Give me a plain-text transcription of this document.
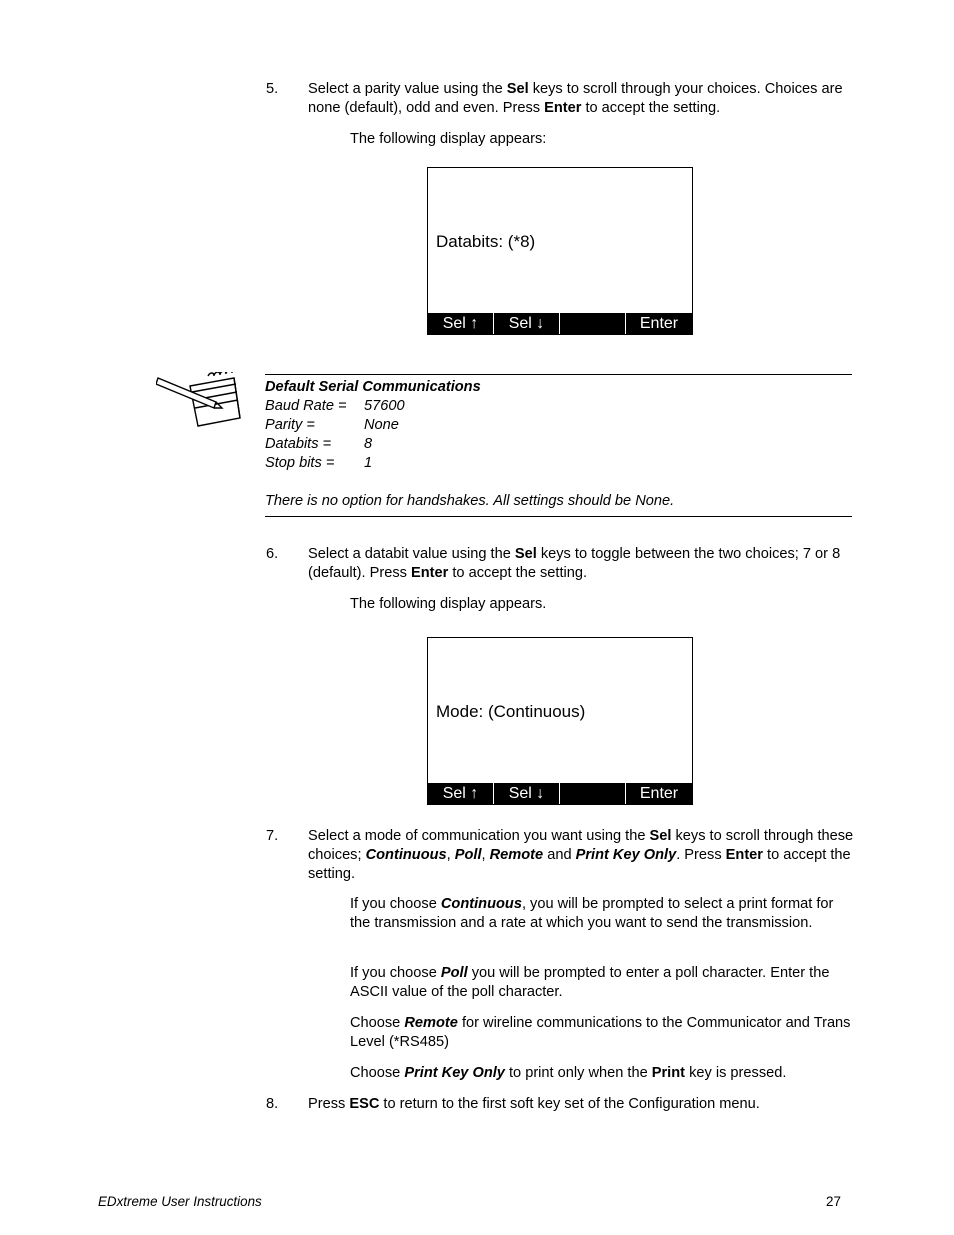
5. Select a parity value using the Sel keys to scroll through your choices. Choices are none (default), odd and even. Press Enter to accept the setting.

The following display appears:

Databits: (*8)
Sel ↑	Sel ↓	Enter
Default Serial Communications
Baud Rate =	57600
Parity =	None
Databits =	8
Stop bits =	1
There is no option for handshakes. All settings should be None.
6. Select a databit value using the Sel keys to toggle between the two choices; 7 or 8 (default). Press Enter to accept the setting.

The following display appears.

Mode: (Continuous)
Sel ↑	Sel ↓	Enter
7. Select a mode of communication you want using the Sel keys to scroll through these choices; Continuous, Poll, Remote and Print Key Only. Press Enter to accept the setting.

If you choose Continuous, you will be prompted to select a print format for the transmission and a rate at which you want to send the transmission.

If you choose Poll you will be prompted to enter a poll character. Enter the ASCII value of the poll character.

Choose Remote for wireline communications to the Communicator and Trans Level (*RS485)

Choose Print Key Only to print only when the Print key is pressed.

8. Press ESC to return to the first soft key set of the Configuration menu.

EDxtreme User Instructions	27
